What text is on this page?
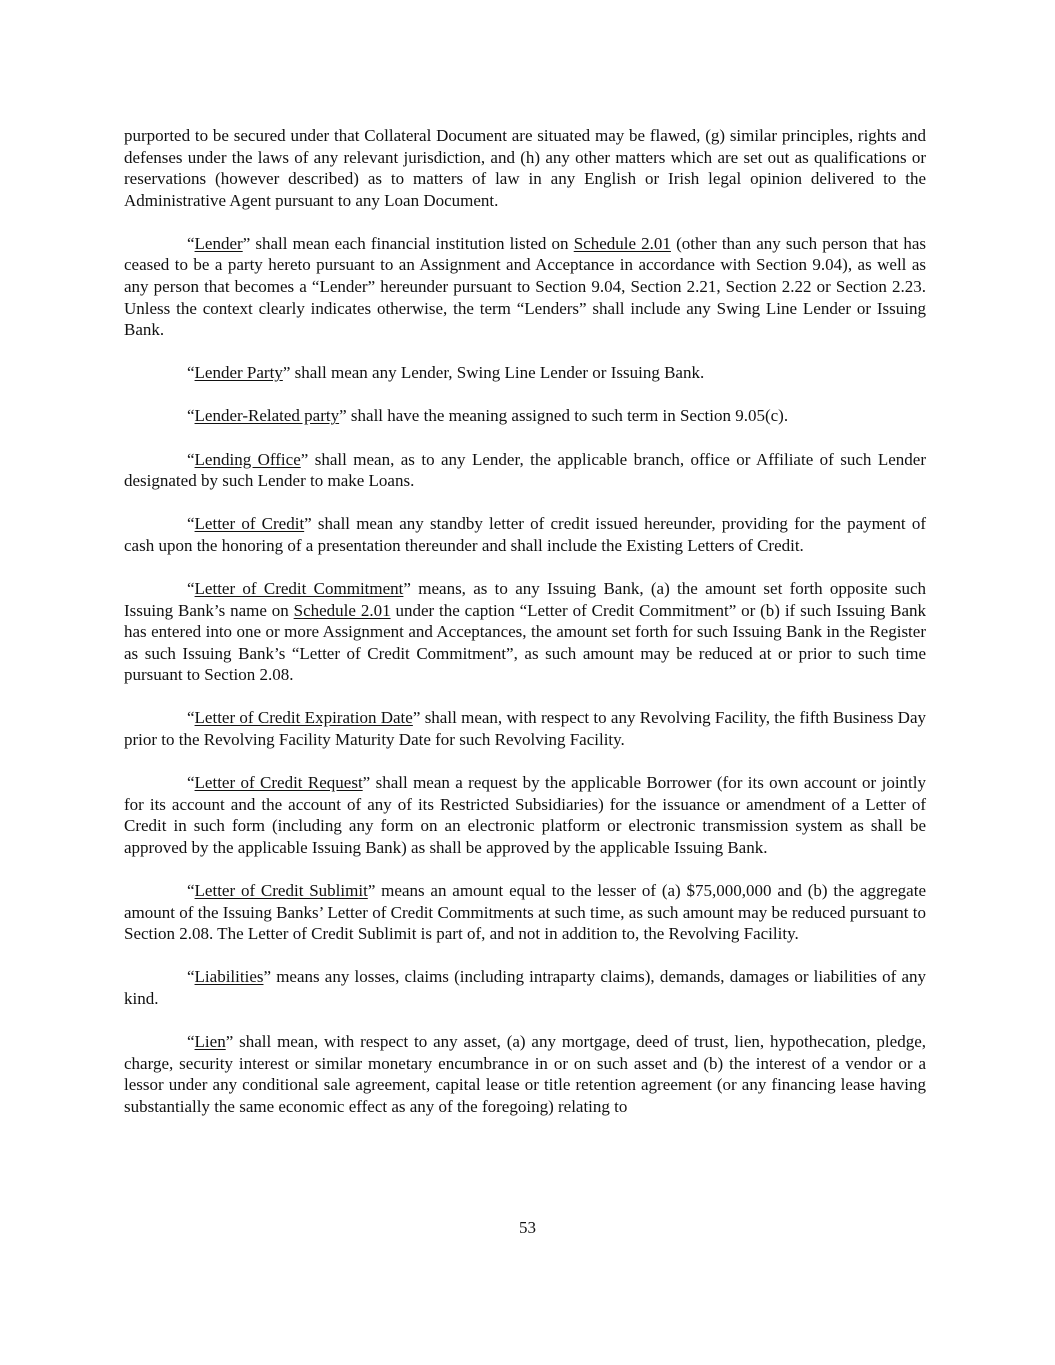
purported to be secured under that Collateral Document are situated may be flawed, (g) similar principles, rights and defenses under the laws of any relevant jurisdiction, and (h) any other matters which are set out as qualifications or reservations (however described) as to matters of law in any English or Irish legal opinion delivered to the Administrative Agent pursuant to any Loan Document.

“Lender” shall mean each financial institution listed on Schedule 2.01 (other than any such person that has ceased to be a party hereto pursuant to an Assignment and Acceptance in accordance with Section 9.04), as well as any person that becomes a “Lender” hereunder pursuant to Section 9.04, Section 2.21, Section 2.22 or Section 2.23. Unless the context clearly indicates otherwise, the term “Lenders” shall include any Swing Line Lender or Issuing Bank.

“Lender Party” shall mean any Lender, Swing Line Lender or Issuing Bank.

“Lender-Related party” shall have the meaning assigned to such term in Section 9.05(c).

“Lending Office” shall mean, as to any Lender, the applicable branch, office or Affiliate of such Lender designated by such Lender to make Loans.

“Letter of Credit” shall mean any standby letter of credit issued hereunder, providing for the payment of cash upon the honoring of a presentation thereunder and shall include the Existing Letters of Credit.

“Letter of Credit Commitment” means, as to any Issuing Bank, (a) the amount set forth opposite such Issuing Bank’s name on Schedule 2.01 under the caption “Letter of Credit Commitment” or (b) if such Issuing Bank has entered into one or more Assignment and Acceptances, the amount set forth for such Issuing Bank in the Register as such Issuing Bank’s “Letter of Credit Commitment”, as such amount may be reduced at or prior to such time pursuant to Section 2.08.

“Letter of Credit Expiration Date” shall mean, with respect to any Revolving Facility, the fifth Business Day prior to the Revolving Facility Maturity Date for such Revolving Facility.

“Letter of Credit Request” shall mean a request by the applicable Borrower (for its own account or jointly for its account and the account of any of its Restricted Subsidiaries) for the issuance or amendment of a Letter of Credit in such form (including any form on an electronic platform or electronic transmission system as shall be approved by the applicable Issuing Bank) as shall be approved by the applicable Issuing Bank.

“Letter of Credit Sublimit” means an amount equal to the lesser of (a) $75,000,000 and (b) the aggregate amount of the Issuing Banks’ Letter of Credit Commitments at such time, as such amount may be reduced pursuant to Section 2.08. The Letter of Credit Sublimit is part of, and not in addition to, the Revolving Facility.

“Liabilities” means any losses, claims (including intraparty claims), demands, damages or liabilities of any kind.

“Lien” shall mean, with respect to any asset, (a) any mortgage, deed of trust, lien, hypothecation, pledge, charge, security interest or similar monetary encumbrance in or on such asset and (b) the interest of a vendor or a lessor under any conditional sale agreement, capital lease or title retention agreement (or any financing lease having substantially the same economic effect as any of the foregoing) relating to

53
